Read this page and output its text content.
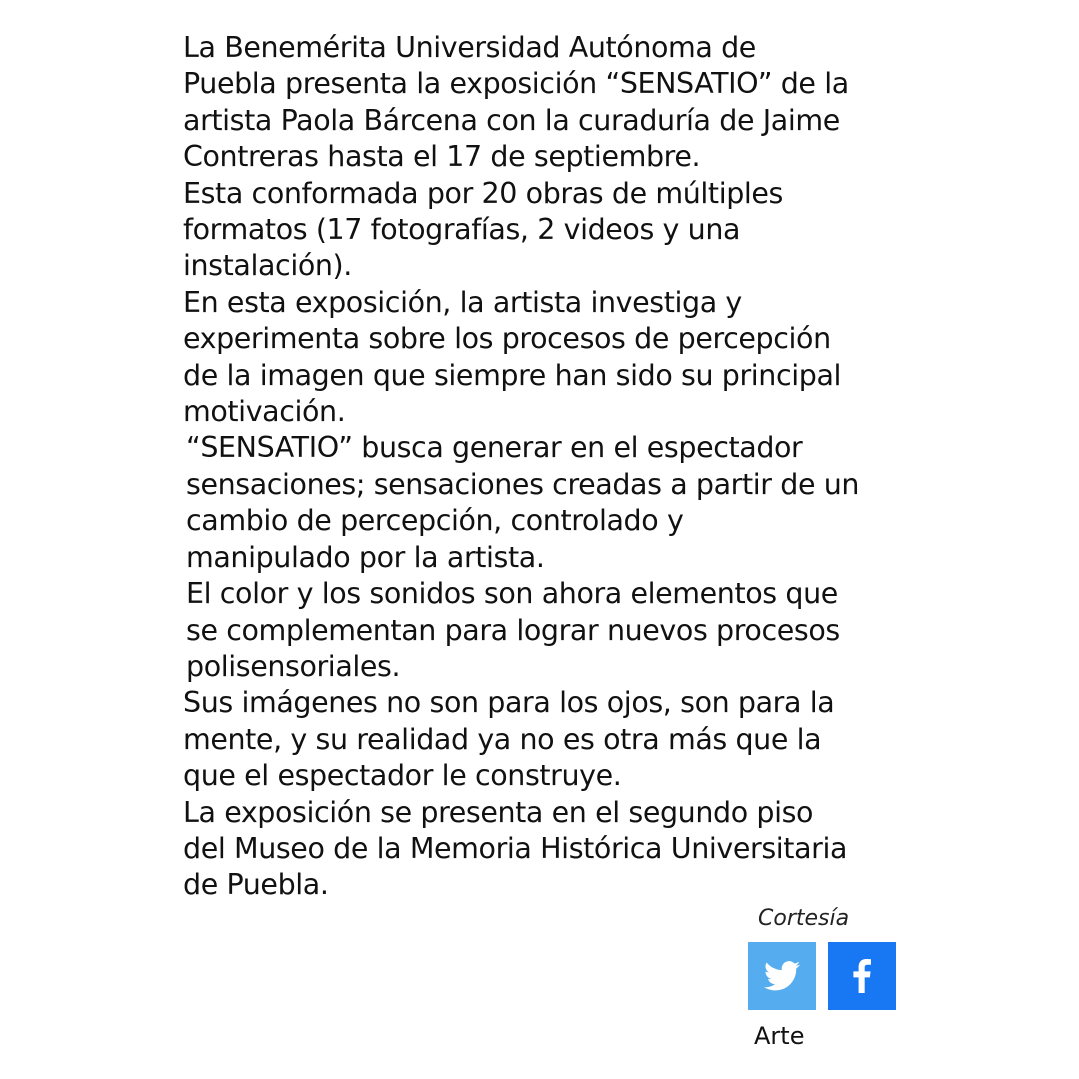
La Benemérita Universidad Autónoma de
Puebla presenta la exposición “SENSATIO” de la
artista Paola Bárcena con la curaduría de Jaime
Contreras hasta el 17 de septiembre.

Esta conformada por 20 obras de múltiples
formatos (17 fotografías, 2 videos y una
instalación).

En esta exposición, la artista investiga y
experimenta sobre los procesos de percepción
de la imagen que siempre han sido su principal
motivación.

“SENSATIO” busca generar en el espectador
sensaciones; sensaciones creadas a partir de un
cambio de percepción, controlado y
manipulado por la artista.

El color y los sonidos son ahora elementos que
se complementan para lograr nuevos procesos
polisensoriales.

Sus imágenes no son para los ojos, son para la
mente, y su realidad ya no es otra más que la
que el espectador le construye.

La exposición se presenta en el segundo piso
del Museo de la Memoria Histórica Universitaria
de Puebla.

Cortesía
Arte
